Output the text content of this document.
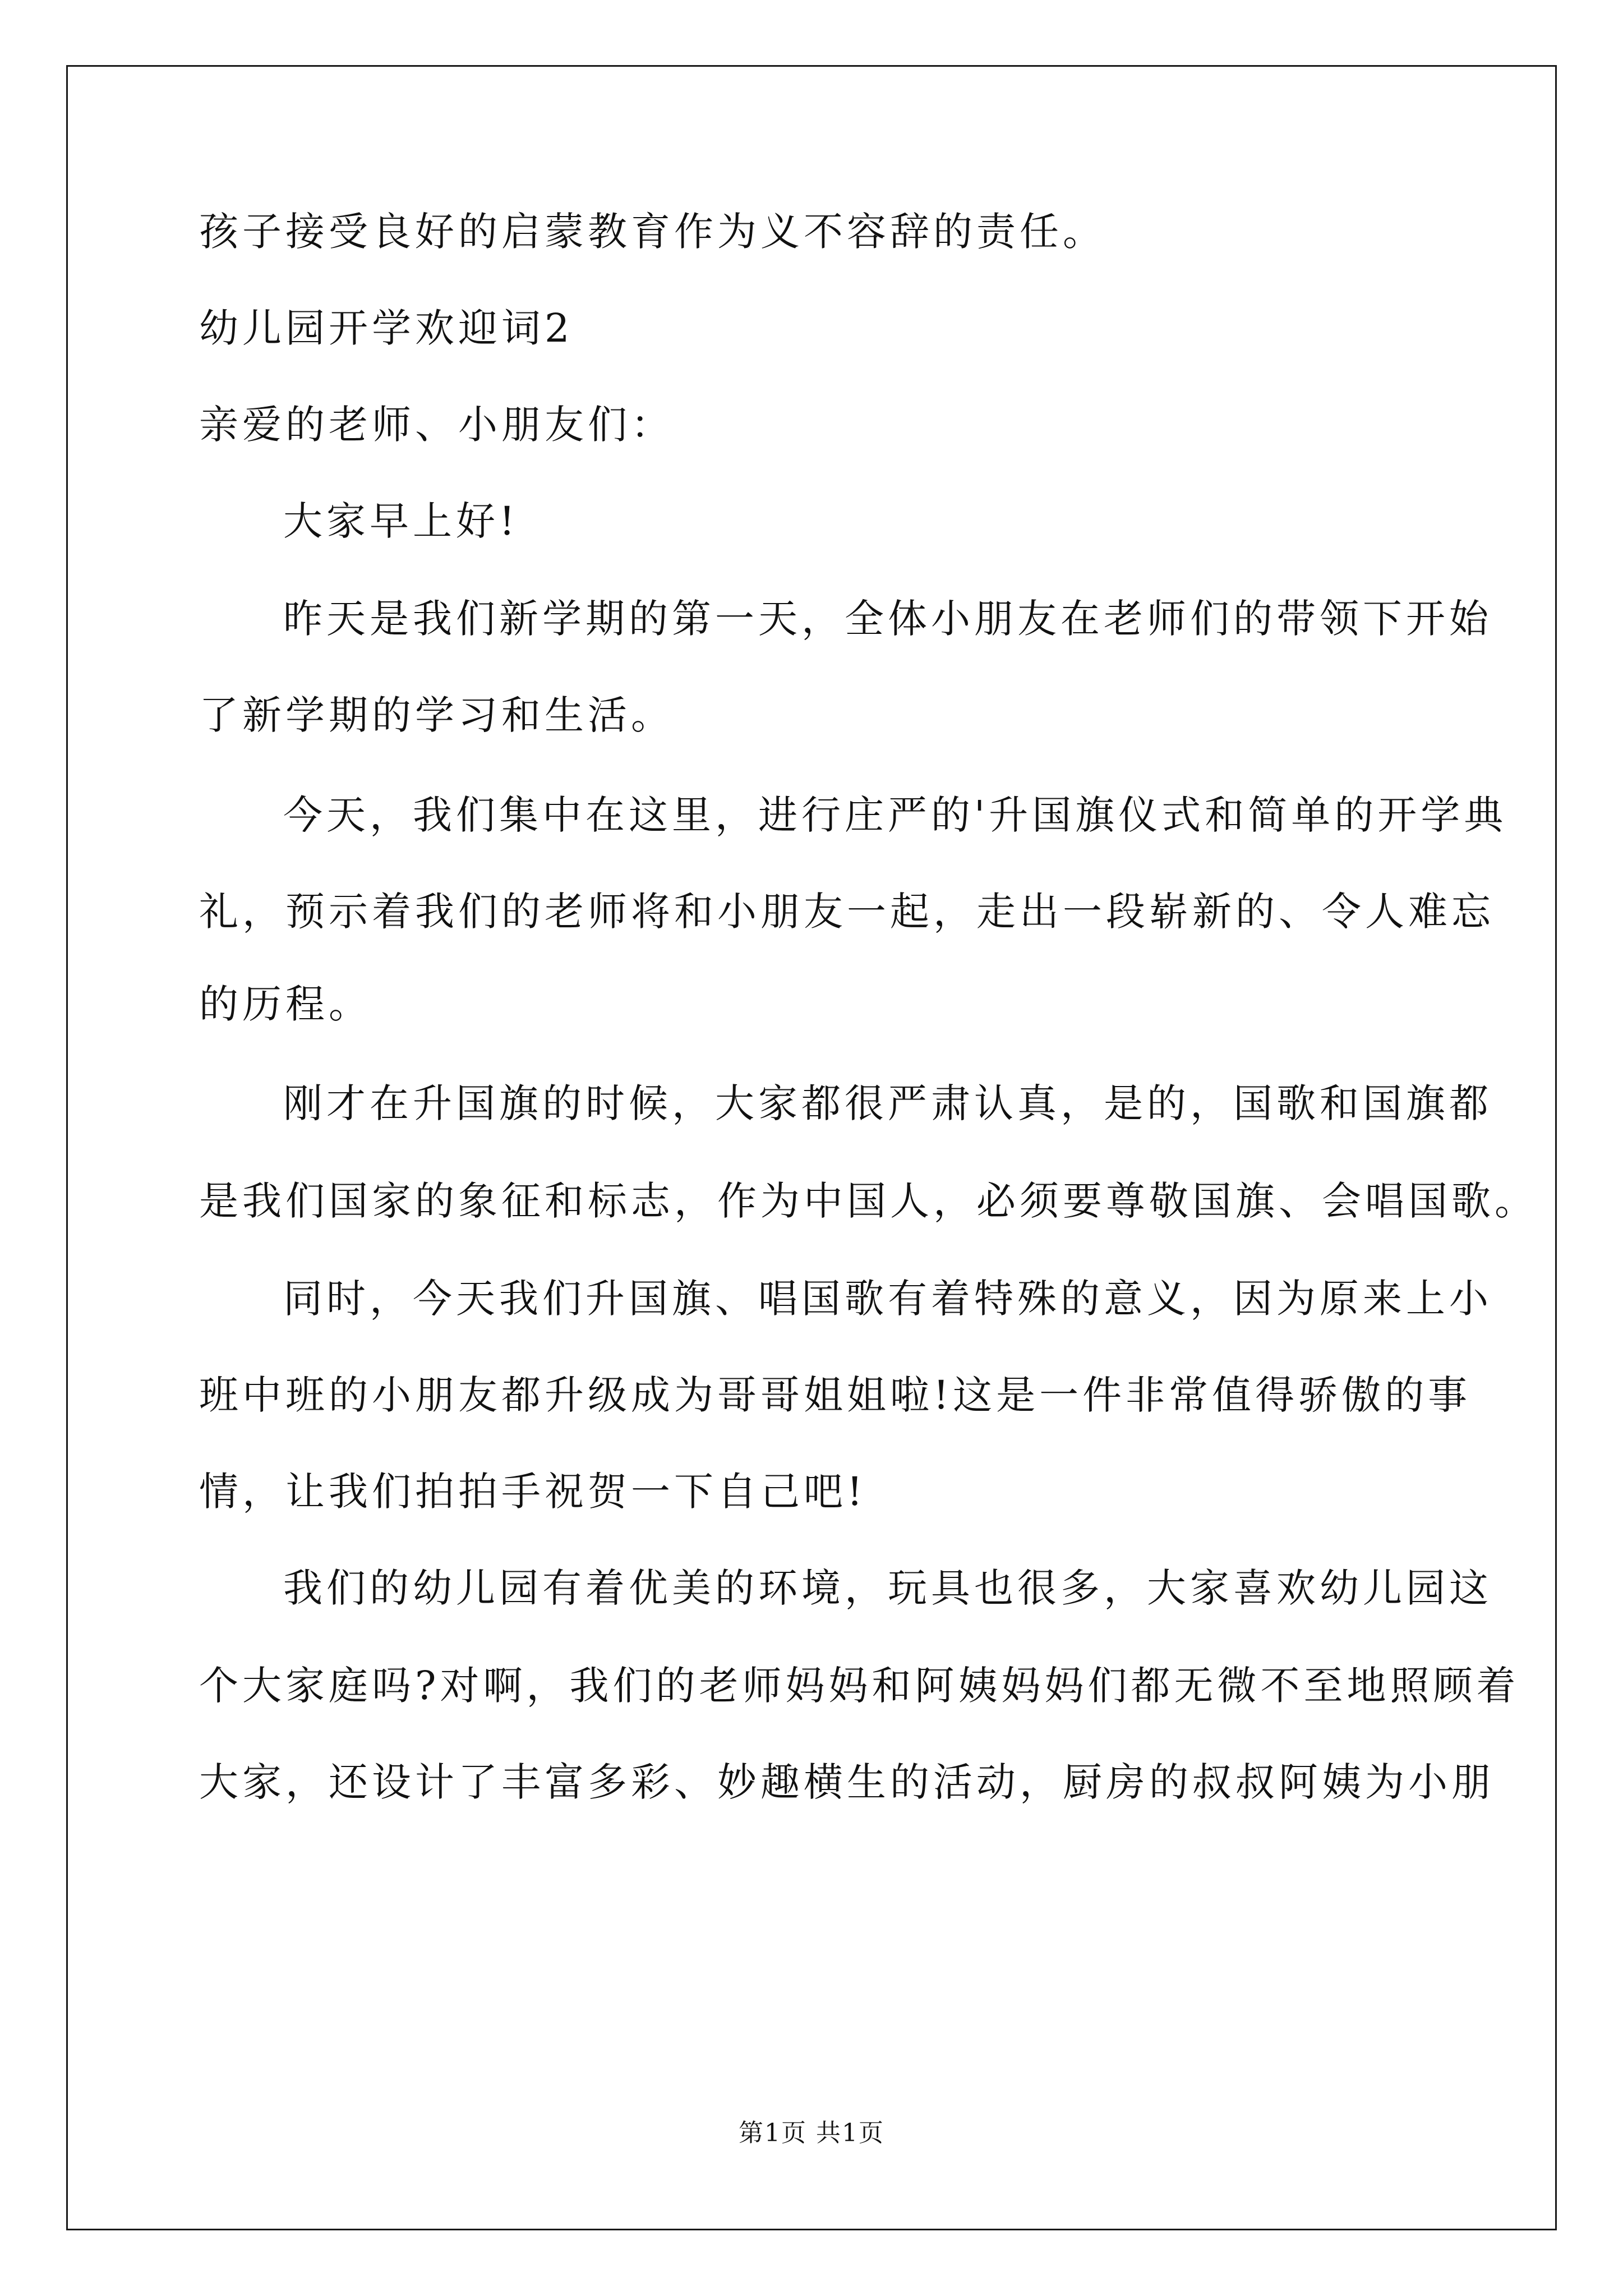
孩子接受良好的启蒙教育作为义不容辞的责任。
幼儿园开学欢迎词2
亲爱的老师、小朋友们：
大家早上好!
昨天是我们新学期的第一天，全体小朋友在老师们的带领下开始
了新学期的学习和生活。
今天，我们集中在这里，进行庄严的'升国旗仪式和简单的开学典
礼，预示着我们的老师将和小朋友一起，走出一段崭新的、令人难忘
的历程。
刚才在升国旗的时候，大家都很严肃认真，是的，国歌和国旗都
是我们国家的象征和标志，作为中国人，必须要尊敬国旗、会唱国歌。
同时，今天我们升国旗、唱国歌有着特殊的意义，因为原来上小
班中班的小朋友都升级成为哥哥姐姐啦!这是一件非常值得骄傲的事
情，让我们拍拍手祝贺一下自己吧!
我们的幼儿园有着优美的环境，玩具也很多，大家喜欢幼儿园这
个大家庭吗?对啊，我们的老师妈妈和阿姨妈妈们都无微不至地照顾着
大家，还设计了丰富多彩、妙趣横生的活动，厨房的叔叔阿姨为小朋
第1页 共1页
